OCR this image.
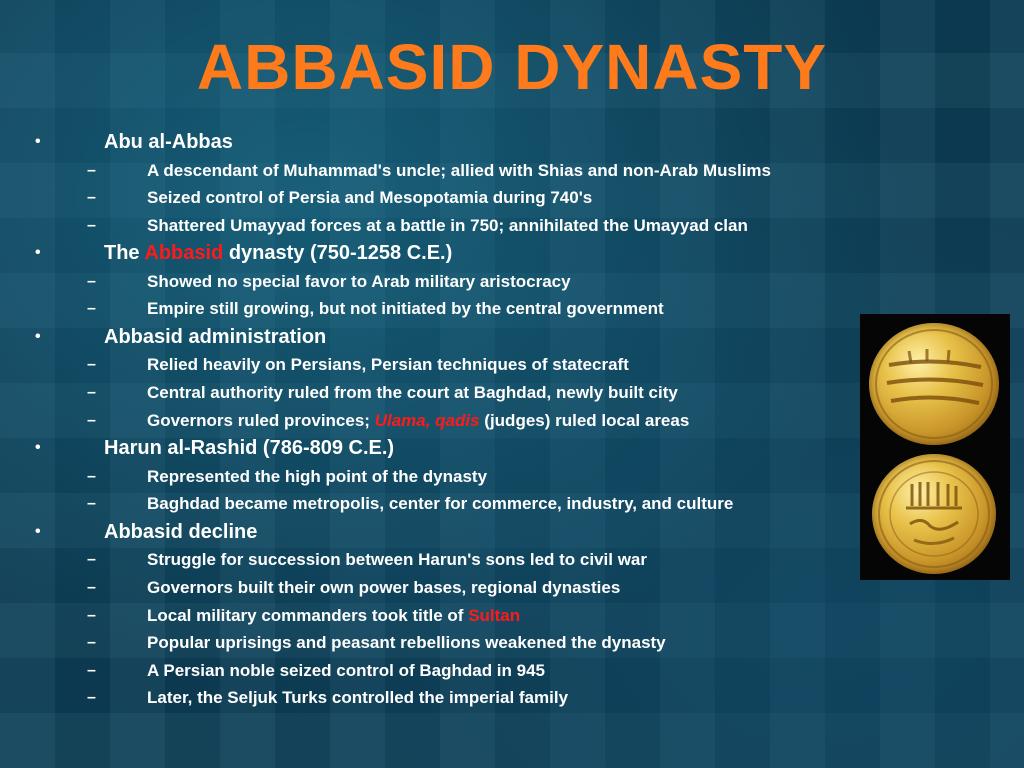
ABBASID DYNASTY
•	Abu al-Abbas
–	A descendant of Muhammad's uncle; allied with Shias and non-Arab Muslims
–	Seized control of Persia and Mesopotamia during 740's
–	Shattered Umayyad forces at a battle in 750; annihilated the Umayyad clan
•	The Abbasid dynasty (750-1258 C.E.)
–	Showed no special favor to Arab military aristocracy
–	Empire still growing, but not initiated by the central government
•	Abbasid administration
–	Relied heavily on Persians, Persian techniques of statecraft
–	Central authority ruled from the court at Baghdad, newly built city
–	Governors ruled provinces; Ulama, qadis (judges) ruled local areas
•	Harun al-Rashid (786-809 C.E.)
–	Represented the high point of the dynasty
–	Baghdad became metropolis, center for commerce, industry, and culture
•	Abbasid decline
–	Struggle for succession between Harun's sons led to civil war
–	Governors built their own power bases, regional dynasties
–	Local military commanders took title of Sultan
–	Popular uprisings and peasant rebellions weakened the dynasty
–	A Persian noble seized control of Baghdad in 945
–	Later, the Seljuk Turks controlled the imperial family
